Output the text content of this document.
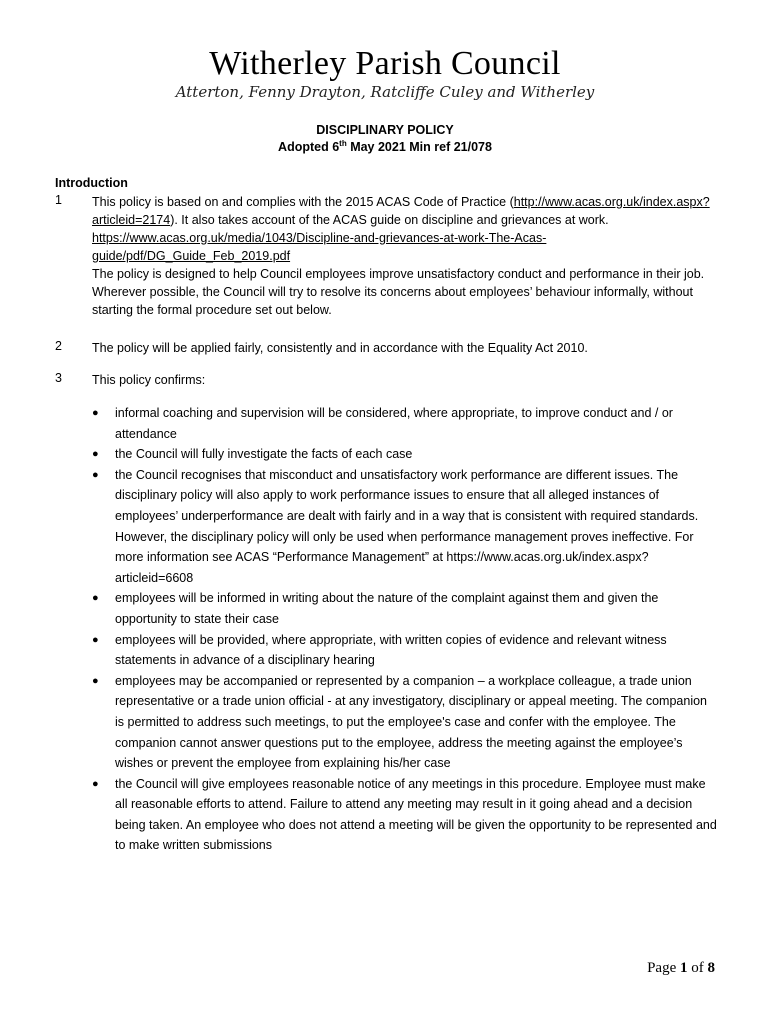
Witherley Parish Council
Atterton, Fenny Drayton, Ratcliffe Culey and Witherley
DISCIPLINARY POLICY
Adopted 6th May 2021 Min ref 21/078
Introduction
1 This policy is based on and complies with the 2015 ACAS Code of Practice (http://www.acas.org.uk/index.aspx?articleid=2174). It also takes account of the ACAS guide on discipline and grievances at work.
https://www.acas.org.uk/media/1043/Discipline-and-grievances-at-work-The-Acas-guide/pdf/DG_Guide_Feb_2019.pdf
The policy is designed to help Council employees improve unsatisfactory conduct and performance in their job. Wherever possible, the Council will try to resolve its concerns about employees’ behaviour informally, without starting the formal procedure set out below.
2 The policy will be applied fairly, consistently and in accordance with the Equality Act 2010.
3 This policy confirms:
● informal coaching and supervision will be considered, where appropriate, to improve conduct and / or attendance
● the Council will fully investigate the facts of each case
● the Council recognises that misconduct and unsatisfactory work performance are different issues. The disciplinary policy will also apply to work performance issues to ensure that all alleged instances of employees’ underperformance are dealt with fairly and in a way that is consistent with required standards. However, the disciplinary policy will only be used when performance management proves ineffective. For more information see ACAS “Performance Management” at https://www.acas.org.uk/index.aspx?articleid=6608
● employees will be informed in writing about the nature of the complaint against them and given the opportunity to state their case
● employees will be provided, where appropriate, with written copies of evidence and relevant witness statements in advance of a disciplinary hearing
● employees may be accompanied or represented by a companion – a workplace colleague, a trade union representative or a trade union official - at any investigatory, disciplinary or appeal meeting. The companion is permitted to address such meetings, to put the employee's case and confer with the employee. The companion cannot answer questions put to the employee, address the meeting against the employee’s wishes or prevent the employee from explaining his/her case
● the Council will give employees reasonable notice of any meetings in this procedure. Employee must make all reasonable efforts to attend. Failure to attend any meeting may result in it going ahead and a decision being taken. An employee who does not attend a meeting will be given the opportunity to be represented and to make written submissions
Page 1 of 8
